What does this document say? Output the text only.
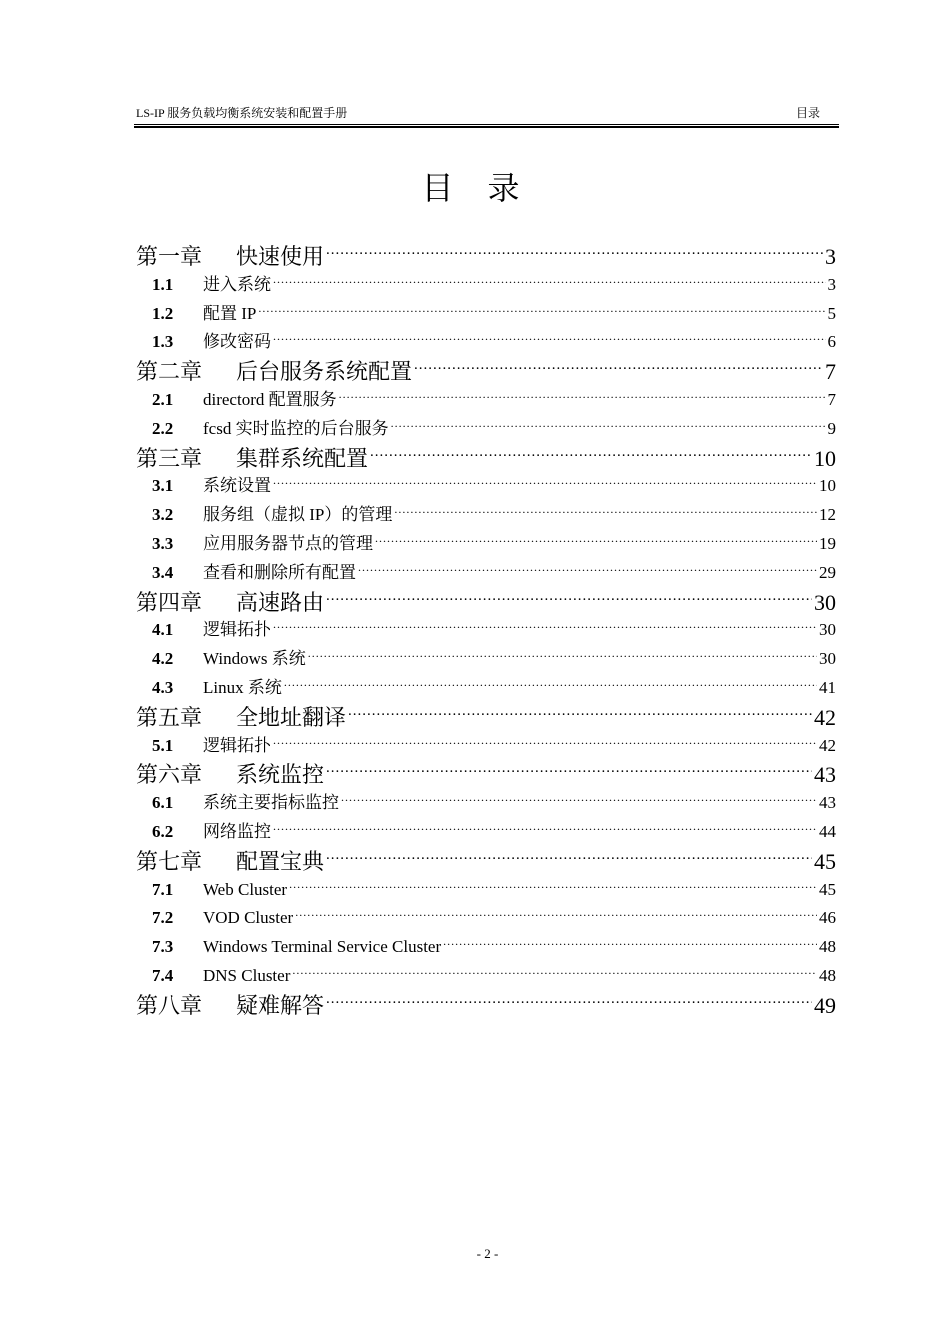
LS-IP 服务负载均衡系统安装和配置手册	目录
目录
第一章	快速使用 .....	3
1.1	进入系统 .....	3
1.2	配置 IP .....	5
1.3	修改密码 .....	6
第二章	后台服务系统配置 .....	7
2.1	directord 配置服务 .....	7
2.2	fcsd 实时监控的后台服务 .....	9
第三章	集群系统配置 .....	10
3.1	系统设置 .....	10
3.2	服务组（虚拟 IP）的管理 .....	12
3.3	应用服务器节点的管理 .....	19
3.4	查看和删除所有配置 .....	29
第四章	高速路由 .....	30
4.1	逻辑拓扑 .....	30
4.2	Windows 系统 .....	30
4.3	Linux 系统 .....	41
第五章	全地址翻译 .....	42
5.1	逻辑拓扑 .....	42
第六章	系统监控 .....	43
6.1	系统主要指标监控 .....	43
6.2	网络监控 .....	44
第七章	配置宝典 .....	45
7.1	Web Cluster .....	45
7.2	VOD Cluster .....	46
7.3	Windows Terminal Service Cluster .....	48
7.4	DNS Cluster .....	48
第八章	疑难解答 .....	49
- 2 -
